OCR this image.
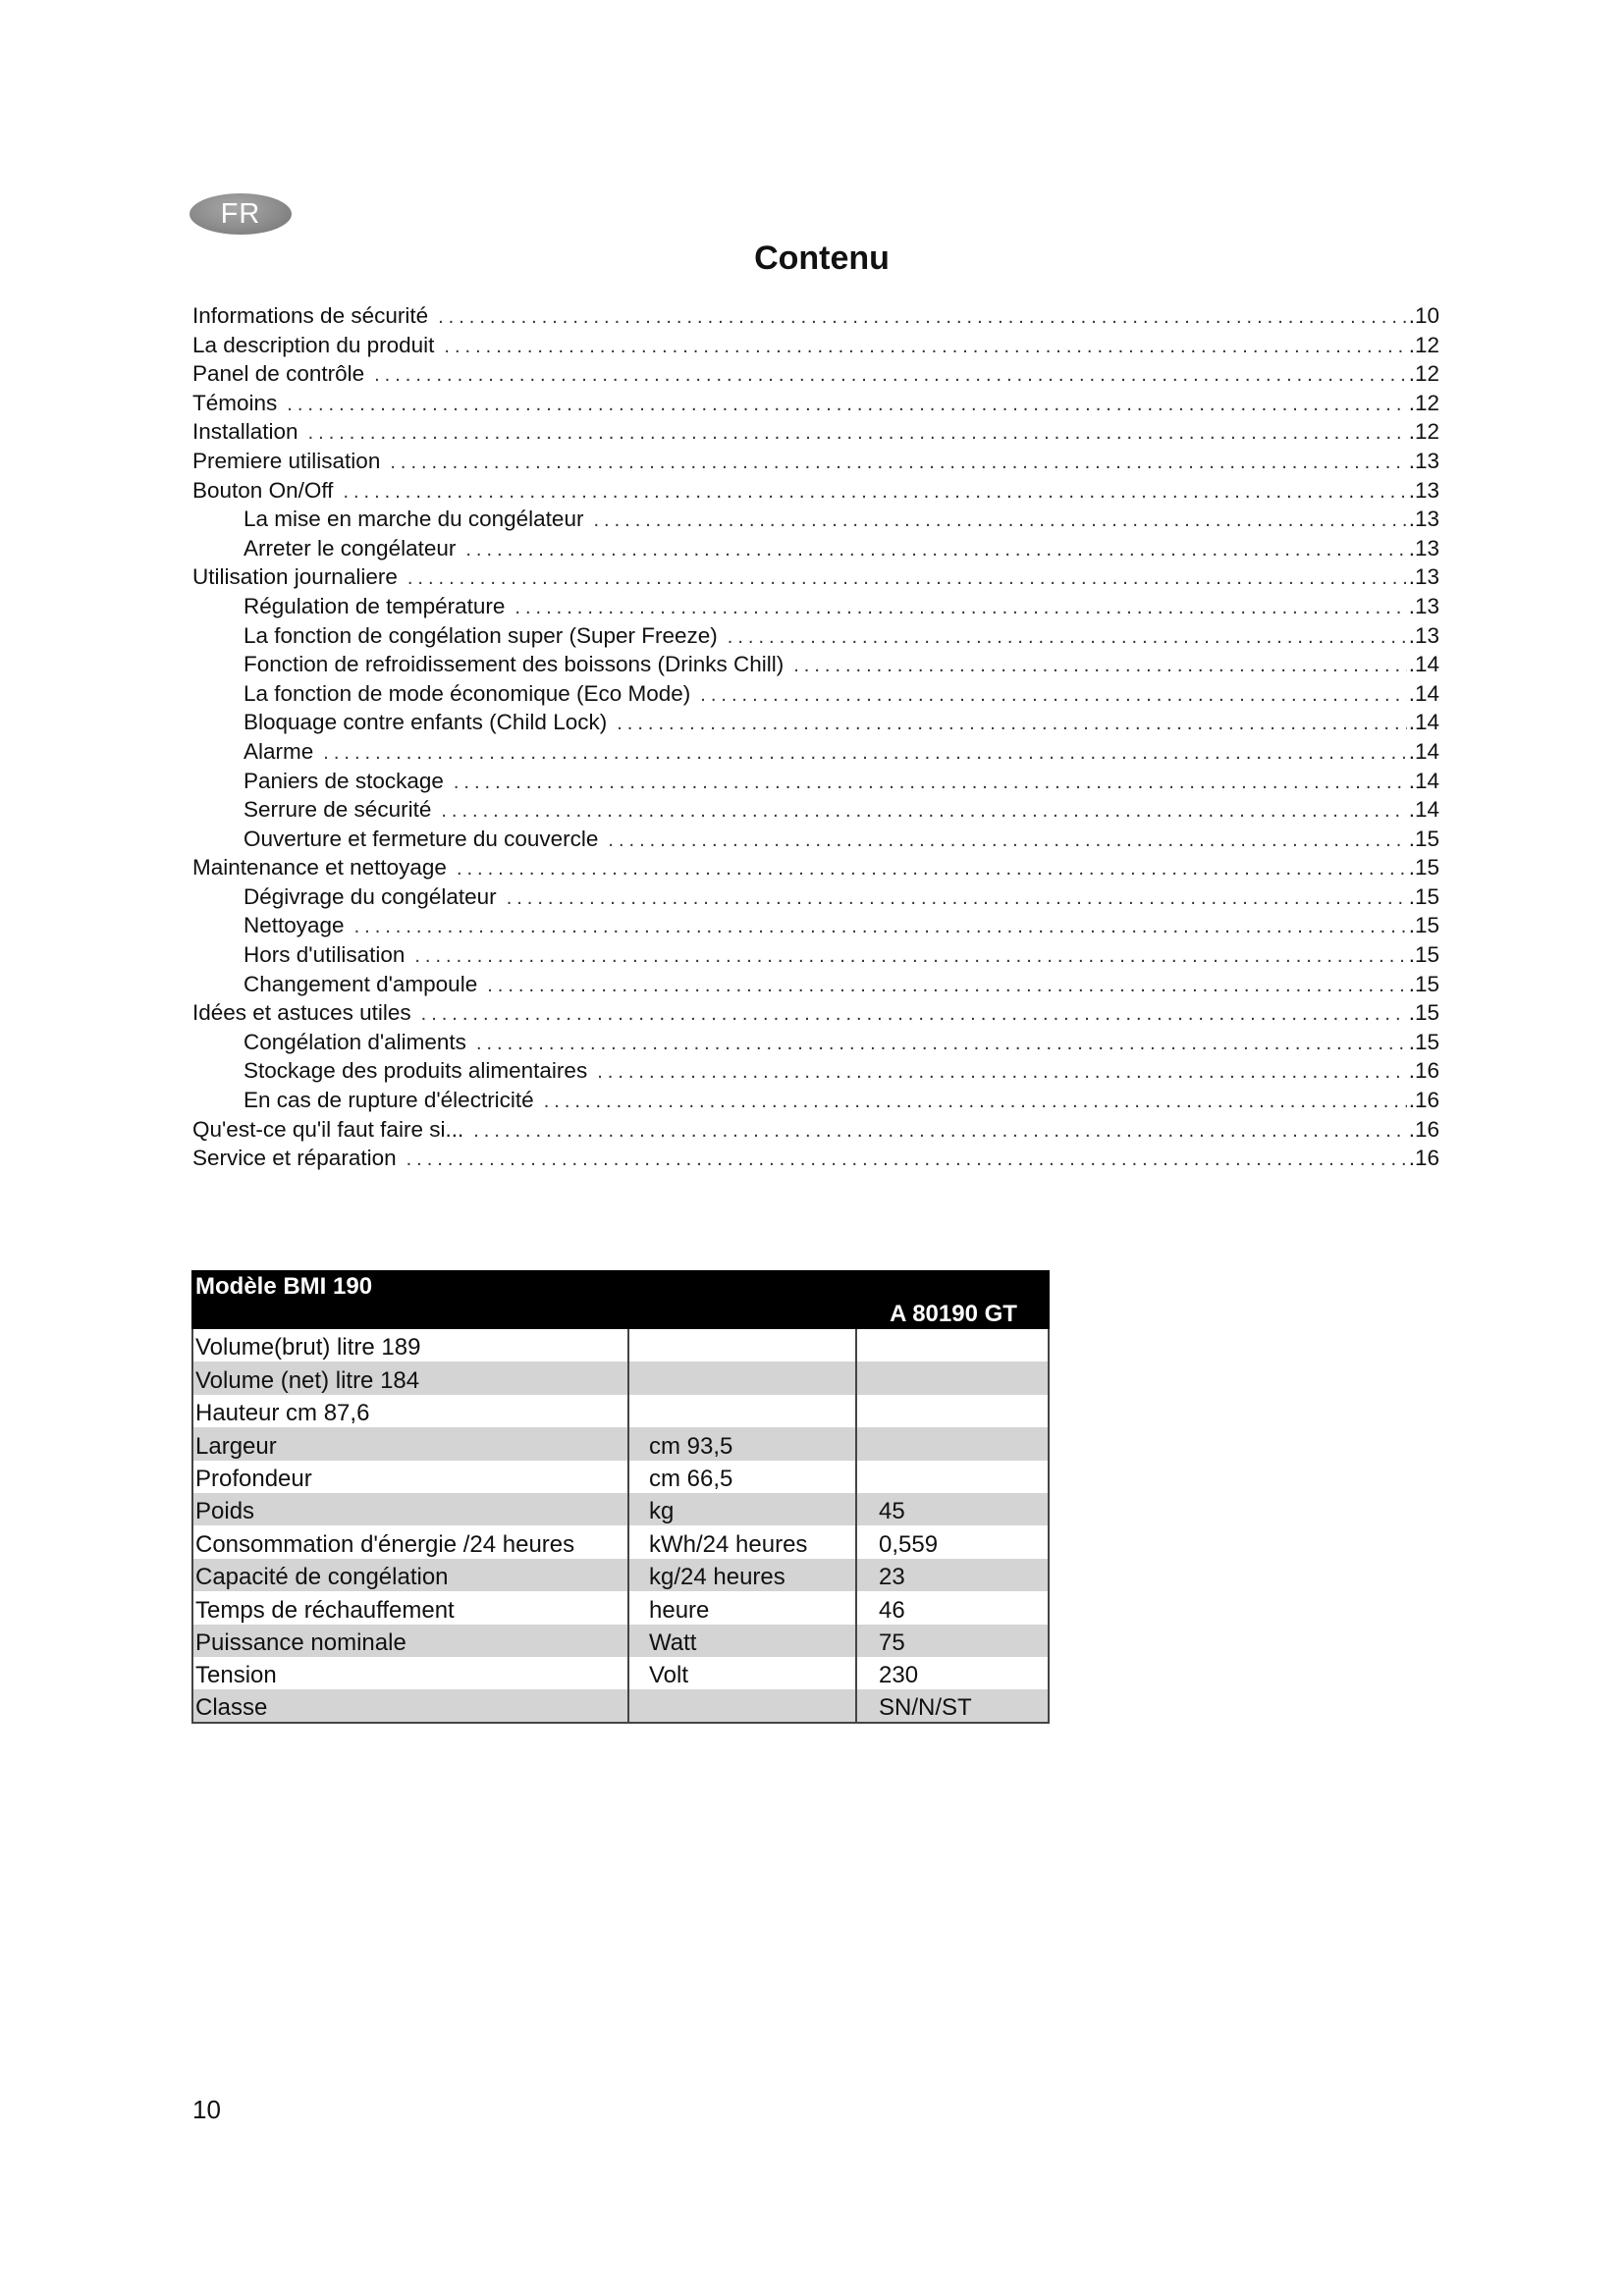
FR
Contenu
Informations de sécurité .....	.10
La description du produit .....	.12
Panel de contrôle .....	.12
Témoins .....	.12
Installation .....	.12
Premiere utilisation .....	.13
Bouton On/Off .....	.13
La mise en marche du congélateur .....	.13
Arreter le congélateur .....	.13
Utilisation journaliere .....	.13
Régulation de température .....	.13
La fonction de congélation super (Super Freeze) .....	.13
Fonction de refroidissement des boissons (Drinks Chill) .....	.14
La fonction de mode économique (Eco Mode) .....	.14
Bloquage contre enfants (Child Lock) .....	.14
Alarme .....	.14
Paniers de stockage .....	.14
Serrure de sécurité .....	.14
Ouverture et fermeture du couvercle .....	.15
Maintenance et nettoyage .....	.15
Dégivrage du congélateur .....	.15
Nettoyage .....	.15
Hors d'utilisation .....	.15
Changement d'ampoule .....	.15
Idées et astuces utiles .....	.15
Congélation d'aliments .....	.15
Stockage des produits alimentaires .....	.16
En cas de rupture d'électricité .....	.16
Qu'est-ce qu'il faut faire si... .....	.16
Service et réparation .....	.16
Modèle BMI 190		A 80190 GT
Volume(brut) litre 189		
Volume (net) litre 184		
Hauteur cm 87,6		
Largeur	cm 93,5	
Profondeur	cm 66,5	
Poids	kg	45
Consommation d'énergie /24 heures	kWh/24 heures	0,559
Capacité de congélation	kg/24 heures	23
Temps de réchauffement	heure	46
Puissance nominale	Watt	75
Tension	Volt	230
Classe		SN/N/ST
10
